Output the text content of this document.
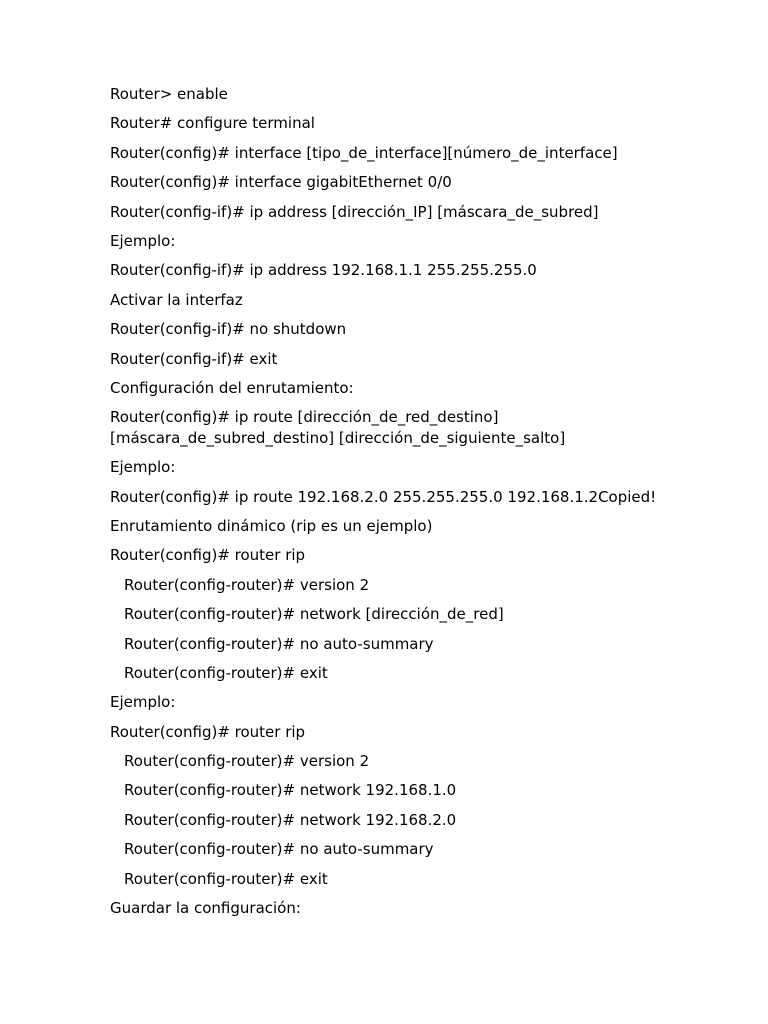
Router> enable

Router# configure terminal

Router(config)# interface [tipo_de_interface][número_de_interface]

Router(config)# interface gigabitEthernet 0/0

Router(config-if)# ip address [dirección_IP] [máscara_de_subred]

Ejemplo:

Router(config-if)# ip address 192.168.1.1 255.255.255.0

Activar la interfaz

Router(config-if)# no shutdown

Router(config-if)# exit

Configuración del enrutamiento:

Router(config)# ip route [dirección_de_red_destino] [máscara_de_subred_destino] [dirección_de_siguiente_salto]

Ejemplo:

Router(config)# ip route 192.168.2.0 255.255.255.0 192.168.1.2Copied!

Enrutamiento dinámico (rip es un ejemplo)

Router(config)# router rip

Router(config-router)# version 2

Router(config-router)# network [dirección_de_red]

Router(config-router)# no auto-summary

Router(config-router)# exit

Ejemplo:

Router(config)# router rip

Router(config-router)# version 2

Router(config-router)# network 192.168.1.0

Router(config-router)# network 192.168.2.0

Router(config-router)# no auto-summary

Router(config-router)# exit

Guardar la configuración:
